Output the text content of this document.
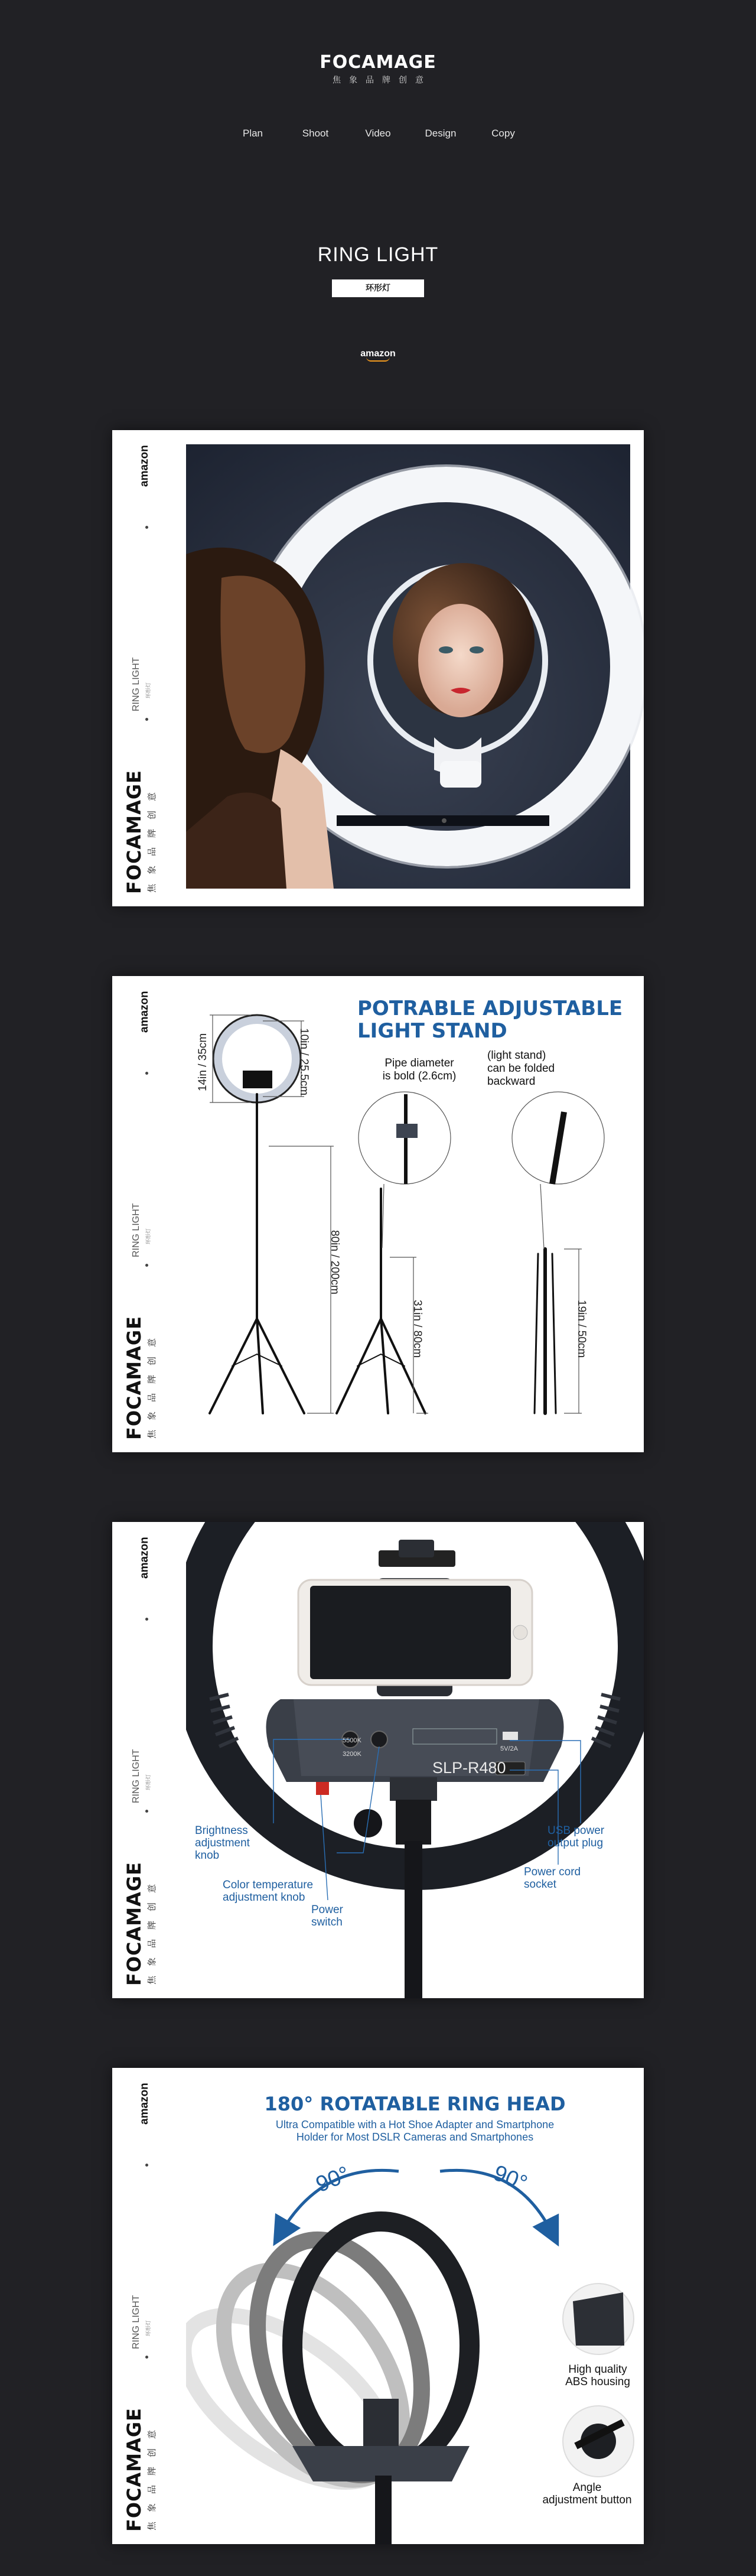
FOCAMAGE
焦象品牌创意
Plan	Shoot	Video	Design	Copy
RING LIGHT
环形灯
amazon
amazon
RING LIGHT 环形灯
FOCAMAGE 焦象品牌创意
amazon
RING LIGHT 环形灯
FOCAMAGE 焦象品牌创意
POTRABLE ADJUSTABLE
LIGHT STAND
Pipe diameter
is bold (2.6cm)
(light stand)
can be folded
backward
14in / 35cm	10in / 25.5cm
80in / 200cm
31in / 80cm	19in / 50cm
amazon
RING LIGHT 环形灯
FOCAMAGE 焦象品牌创意
5500K
3200K
5V/2A
SLP-R480
Brightness
adjustment
knob
Color temperature
adjustment knob
Power
switch
USB power
output plug
Power cord
socket
amazon
RING LIGHT 环形灯
FOCAMAGE 焦象品牌创意
180° ROTATABLE RING HEAD
Ultra Compatible with a Hot Shoe Adapter and Smartphone
Holder for Most DSLR Cameras and Smartphones
90°	90°
High quality
ABS housing
Angle
adjustment button
